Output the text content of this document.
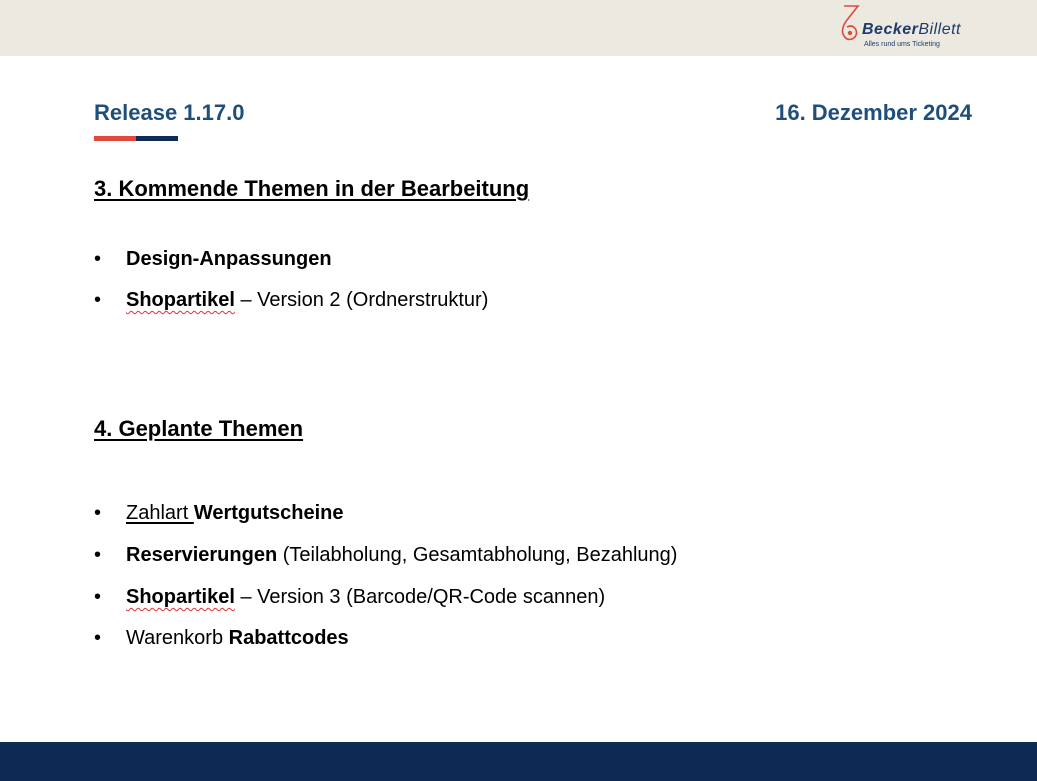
BeckerBillett
Alles rund ums Ticketing
Release 1.17.0	16. Dezember 2024
3. Kommende Themen in der Bearbeitung
• Design-Anpassungen
• Shopartikel – Version 2 (Ordnerstruktur)
4. Geplante Themen
• Zahlart Wertgutscheine
• Reservierungen (Teilabholung, Gesamtabholung, Bezahlung)
• Shopartikel – Version 3 (Barcode/QR-Code scannen)
• Warenkorb Rabattcodes
